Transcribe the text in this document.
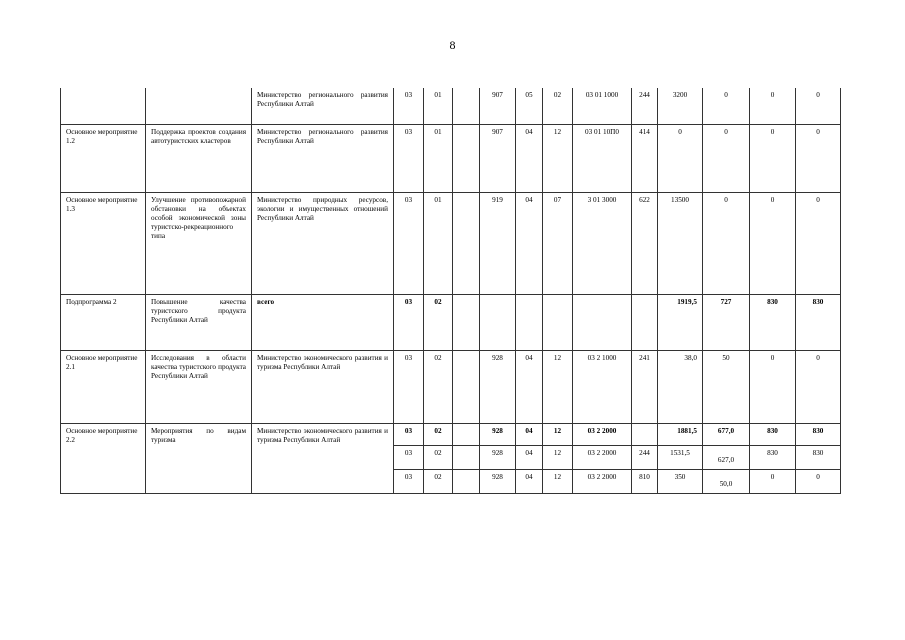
8
		Министерство регионального развития Республики Алтай	03	01		907	05	02	03 01 1000	244	3200	0	0	0
Основное мероприятие 1.2	Поддержка проектов создания автотуристских кластеров	Министерство регионального развития Республики Алтай	03	01		907	04	12	03 01 10П0	414	0	0	0	0
Основное мероприятие 1.3	Улучшение противопожарной обстановки на объектах особой экономической зоны туристско-рекреационного типа	Министерство природных ресурсов, экологии и имущественных отношений Республики Алтай	03	01		919	04	07	3 01 3000	622	13500	0	0	0
Подпрограмма 2	Повышение качества туристского продукта Республики Алтай	всего	03	02							1919,5	727	830	830
Основное мероприятие 2.1	Исследования в области качества туристского продукта Республики Алтай	Министерство экономического развития и туризма Республики Алтай	03	02		928	04	12	03 2 1000	241	38,0	50	0	0
Основное мероприятие 2.2	Мероприятия по видам туризма	Министерство экономического развития и туризма Республики Алтай	03	02		928	04	12	03 2 2000		1881,5	677,0	830	830
			03	02		928	04	12	03 2 2000	244	1531,5	627,0	830	830
			03	02		928	04	12	03 2 2000	810	350	50,0	0	0
